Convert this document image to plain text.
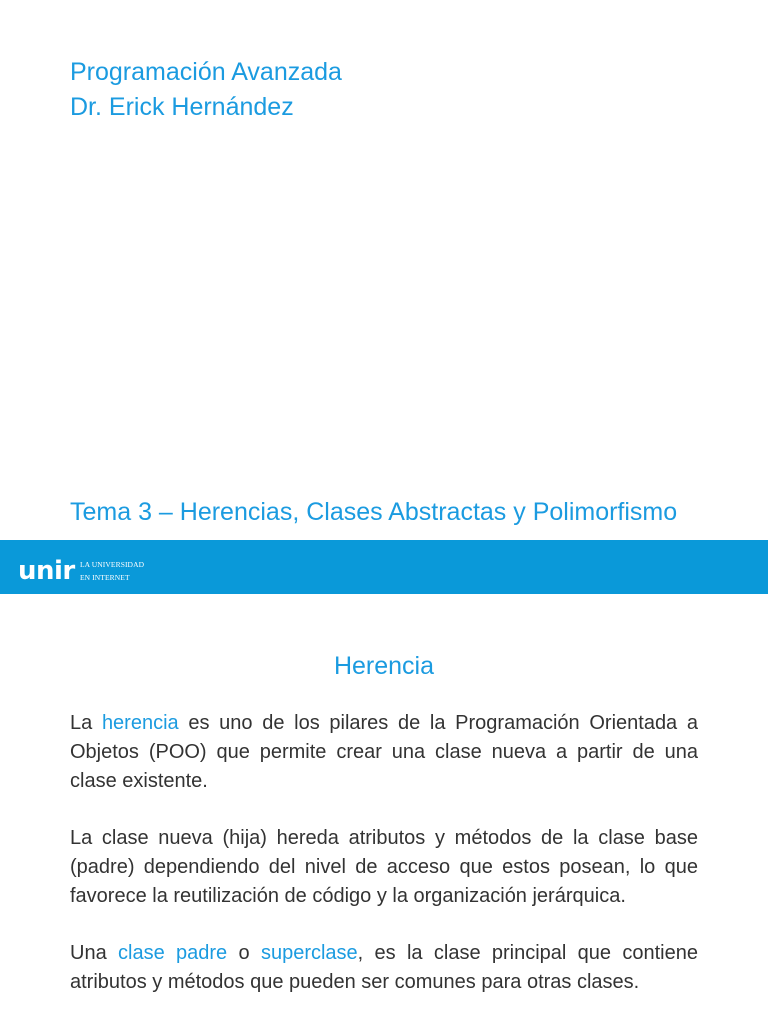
Programación Avanzada
Dr. Erick Hernández
Tema 3 – Herencias, Clases Abstractas y Polimorfismo
unir LA UNIVERSIDAD
EN INTERNET
Herencia

La herencia es uno de los pilares de la Programación Orientada a Objetos (POO) que permite crear una clase nueva a partir de una clase existente.

La clase nueva (hija) hereda atributos y métodos de la clase base (padre) dependiendo del nivel de acceso que estos posean, lo que favorece la reutilización de código y la organización jerárquica.

Una clase padre o superclase, es la clase principal que contiene atributos y métodos que pueden ser comunes para otras clases.
